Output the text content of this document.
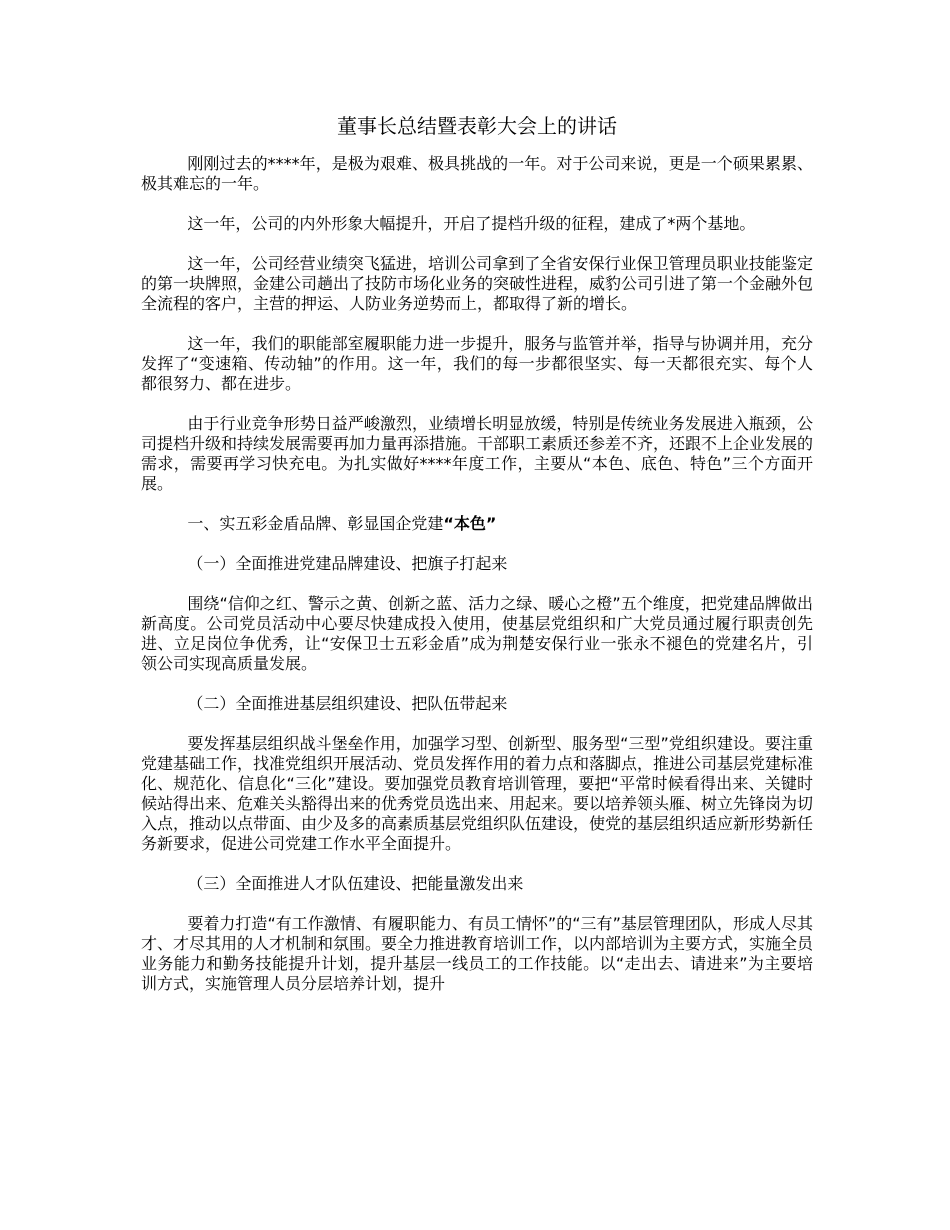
董事长总结暨表彰大会上的讲话

刚刚过去的****年，是极为艰难、极具挑战的一年。对于公司来说，更是一个硕果累累、极其难忘的一年。

这一年，公司的内外形象大幅提升，开启了提档升级的征程，建成了*两个基地。

这一年，公司经营业绩突飞猛进，培训公司拿到了全省安保行业保卫管理员职业技能鉴定的第一块牌照，金建公司趟出了技防市场化业务的突破性进程，威豹公司引进了第一个金融外包全流程的客户，主营的押运、人防业务逆势而上，都取得了新的增长。

这一年，我们的职能部室履职能力进一步提升，服务与监管并举，指导与协调并用，充分发挥了“变速箱、传动轴”的作用。这一年，我们的每一步都很坚实、每一天都很充实、每个人都很努力、都在进步。

由于行业竞争形势日益严峻激烈，业绩增长明显放缓，特别是传统业务发展进入瓶颈，公司提档升级和持续发展需要再加力量再添措施。干部职工素质还参差不齐，还跟不上企业发展的需求，需要再学习快充电。为扎实做好****年度工作，主要从“本色、底色、特色”三个方面开展。

一、实五彩金盾品牌、彰显国企党建“本色”

（一）全面推进党建品牌建设、把旗子打起来

围绕“信仰之红、警示之黄、创新之蓝、活力之绿、暖心之橙”五个维度，把党建品牌做出新高度。公司党员活动中心要尽快建成投入使用，使基层党组织和广大党员通过履行职责创先进、立足岗位争优秀，让“安保卫士五彩金盾”成为荆楚安保行业一张永不褪色的党建名片，引领公司实现高质量发展。

（二）全面推进基层组织建设、把队伍带起来

要发挥基层组织战斗堡垒作用，加强学习型、创新型、服务型“三型”党组织建设。要注重党建基础工作，找准党组织开展活动、党员发挥作用的着力点和落脚点，推进公司基层党建标准化、规范化、信息化“三化”建设。要加强党员教育培训管理，要把“平常时候看得出来、关键时候站得出来、危难关头豁得出来的优秀党员选出来、用起来。要以培养领头雁、树立先锋岗为切入点，推动以点带面、由少及多的高素质基层党组织队伍建设，使党的基层组织适应新形势新任务新要求，促进公司党建工作水平全面提升。

（三）全面推进人才队伍建设、把能量激发出来

要着力打造“有工作激情、有履职能力、有员工情怀”的“三有”基层管理团队，形成人尽其才、才尽其用的人才机制和氛围。要全力推进教育培训工作，以内部培训为主要方式，实施全员业务能力和勤务技能提升计划，提升基层一线员工的工作技能。以“走出去、请进来”为主要培训方式，实施管理人员分层培养计划，提升
